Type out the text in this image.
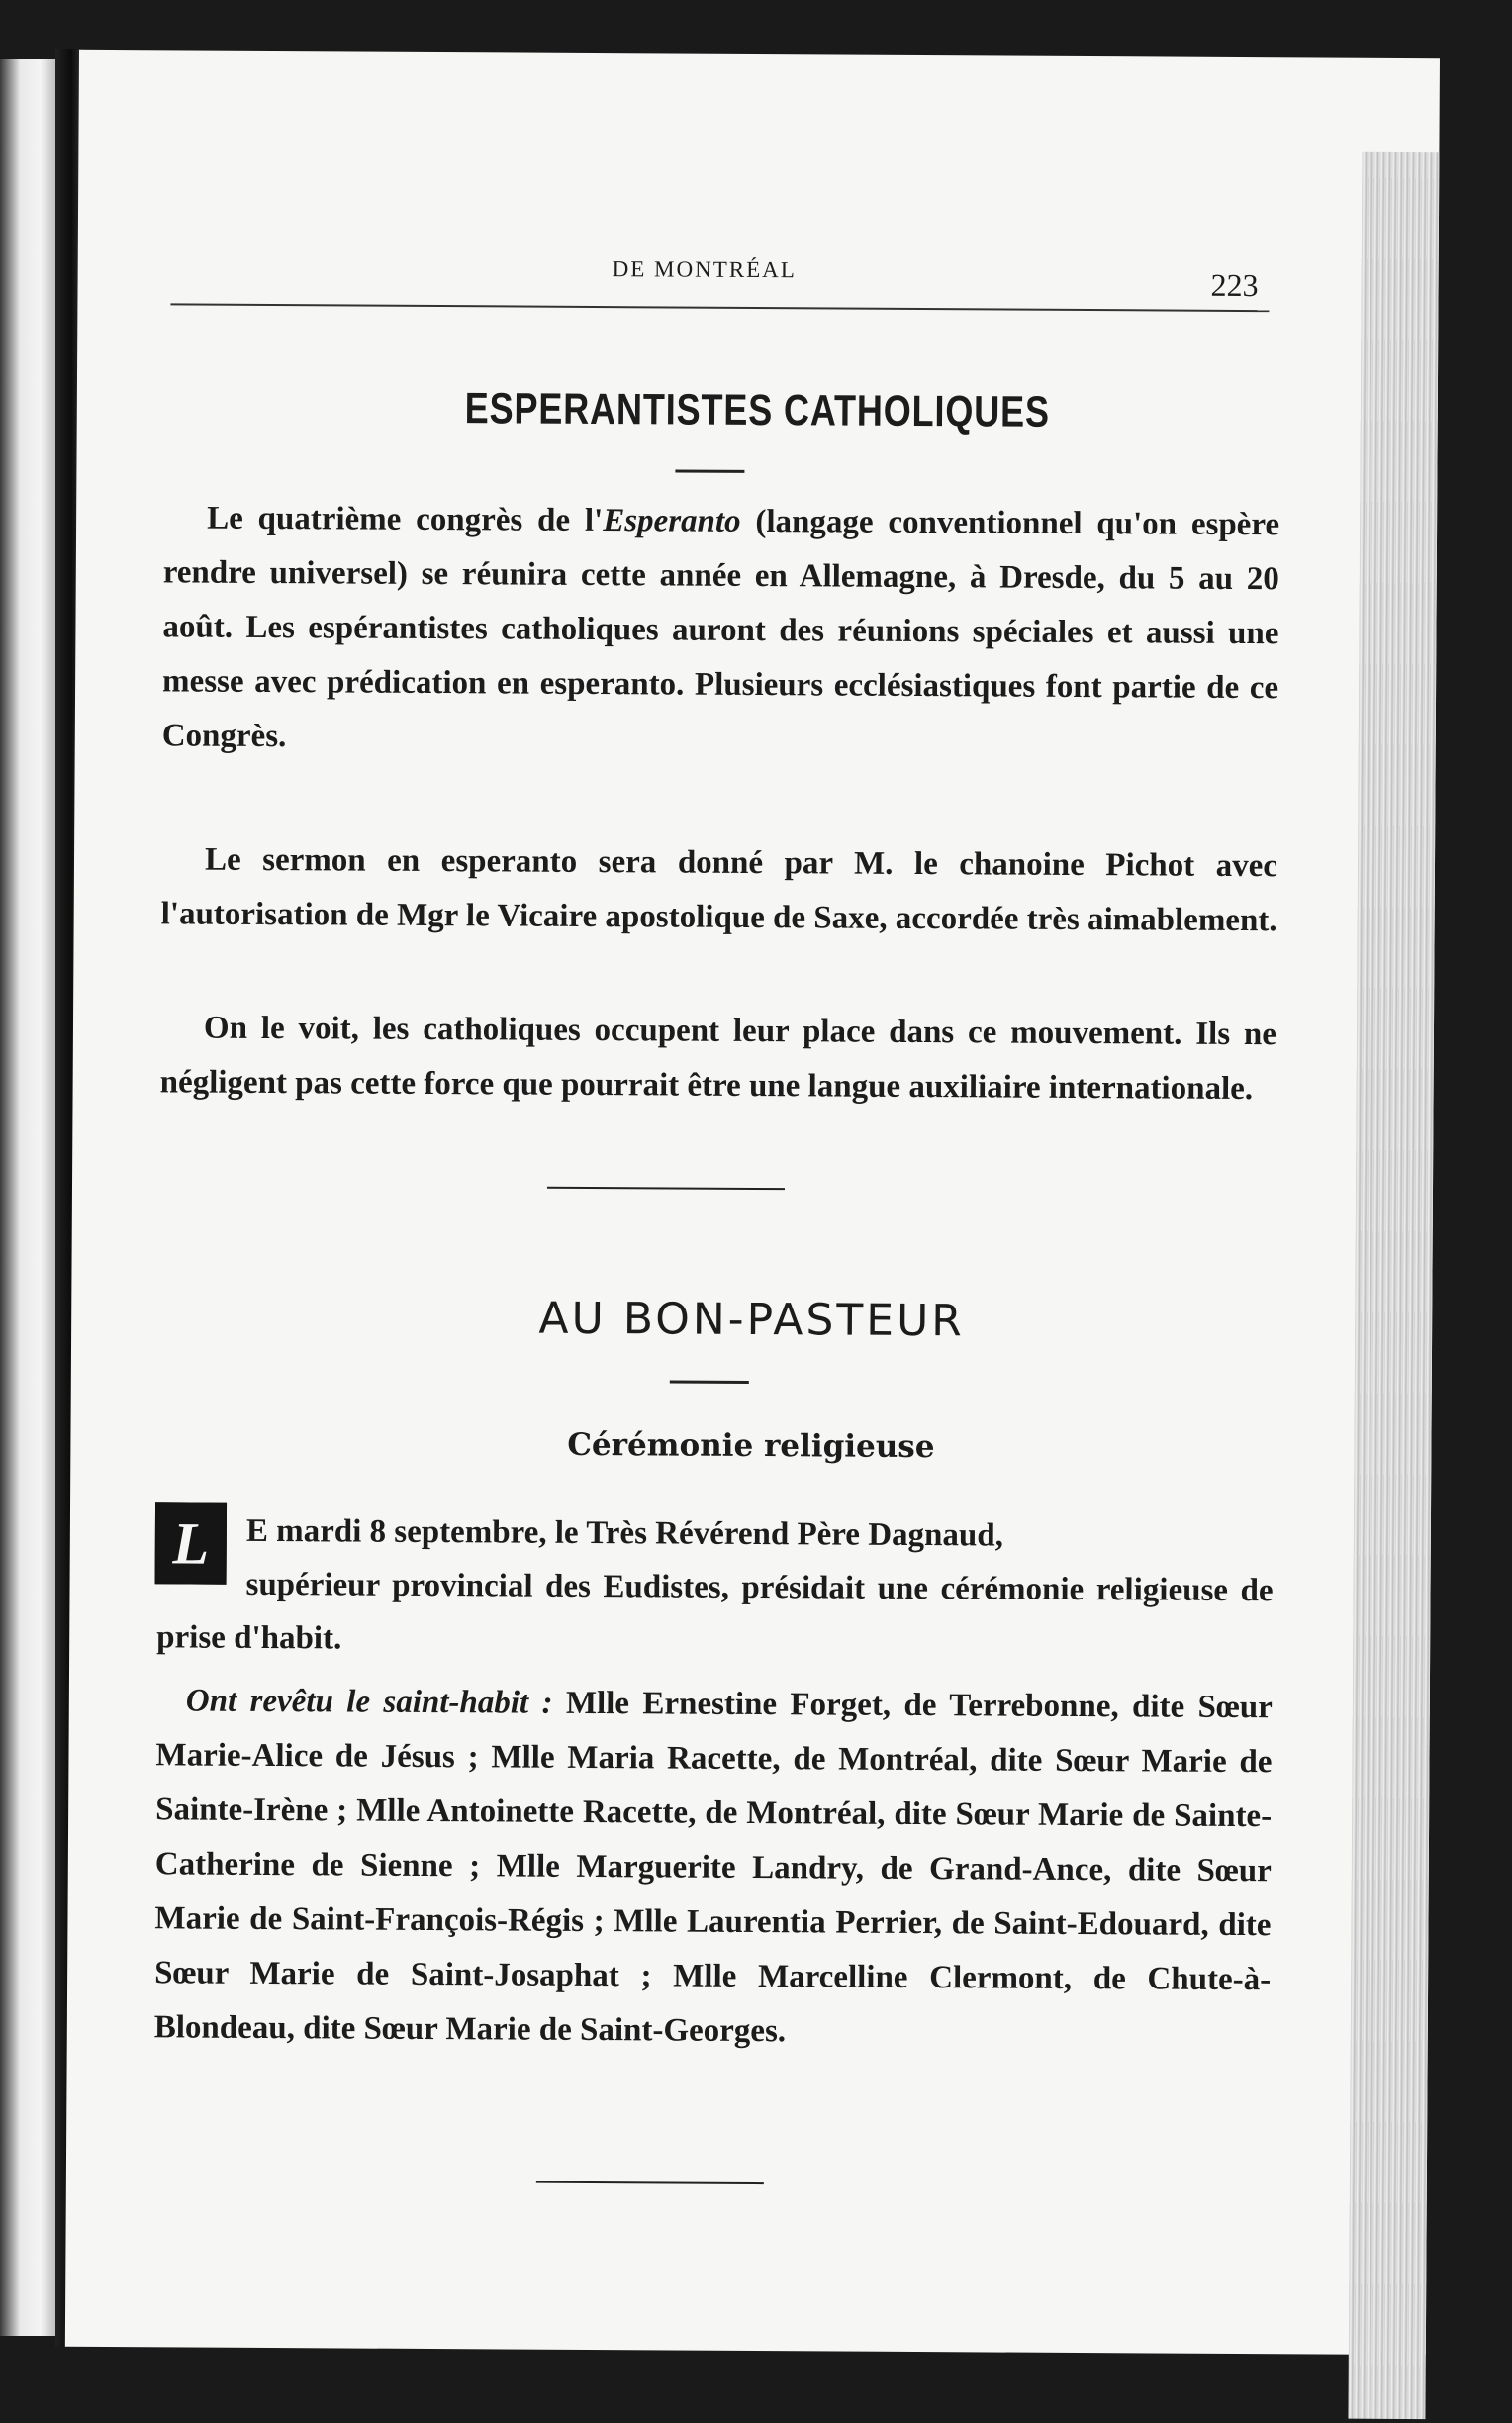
DE MONTRÉAL	223
ESPERANTISTES CATHOLIQUES

Le quatrième congrès de l'Esperanto (langage conventionnel qu'on espère rendre universel) se réunira cette année en Allemagne, à Dresde, du 5 au 20 août. Les espérantistes catholiques auront des réunions spéciales et aussi une messe avec prédication en esperanto. Plusieurs ecclésiastiques font partie de ce Congrès.

Le sermon en esperanto sera donné par M. le chanoine Pichot avec l'autorisation de Mgr le Vicaire apostolique de Saxe, accordée très aimablement.

On le voit, les catholiques occupent leur place dans ce mouvement. Ils ne négligent pas cette force que pourrait être une langue auxiliaire internationale.

AU BON-PASTEUR
Cérémonie religieuse
L	E mardi 8 septembre, le Très Révérend Père Dagnaud,
supérieur provincial des Eudistes, présidait une cérémonie religieuse de prise d'habit.

Ont revêtu le saint-habit : Mlle Ernestine Forget, de Terrebonne, dite Sœur Marie-Alice de Jésus ; Mlle Maria Racette, de Montréal, dite Sœur Marie de Sainte-Irène ; Mlle Antoinette Racette, de Montréal, dite Sœur Marie de Sainte-Catherine de Sienne ; Mlle Marguerite Landry, de Grand-Ance, dite Sœur Marie de Saint-François-Régis ; Mlle Laurentia Perrier, de Saint-Edouard, dite Sœur Marie de Saint-Josaphat ; Mlle Marcelline Clermont, de Chute-à-Blondeau, dite Sœur Marie de Saint-Georges.
